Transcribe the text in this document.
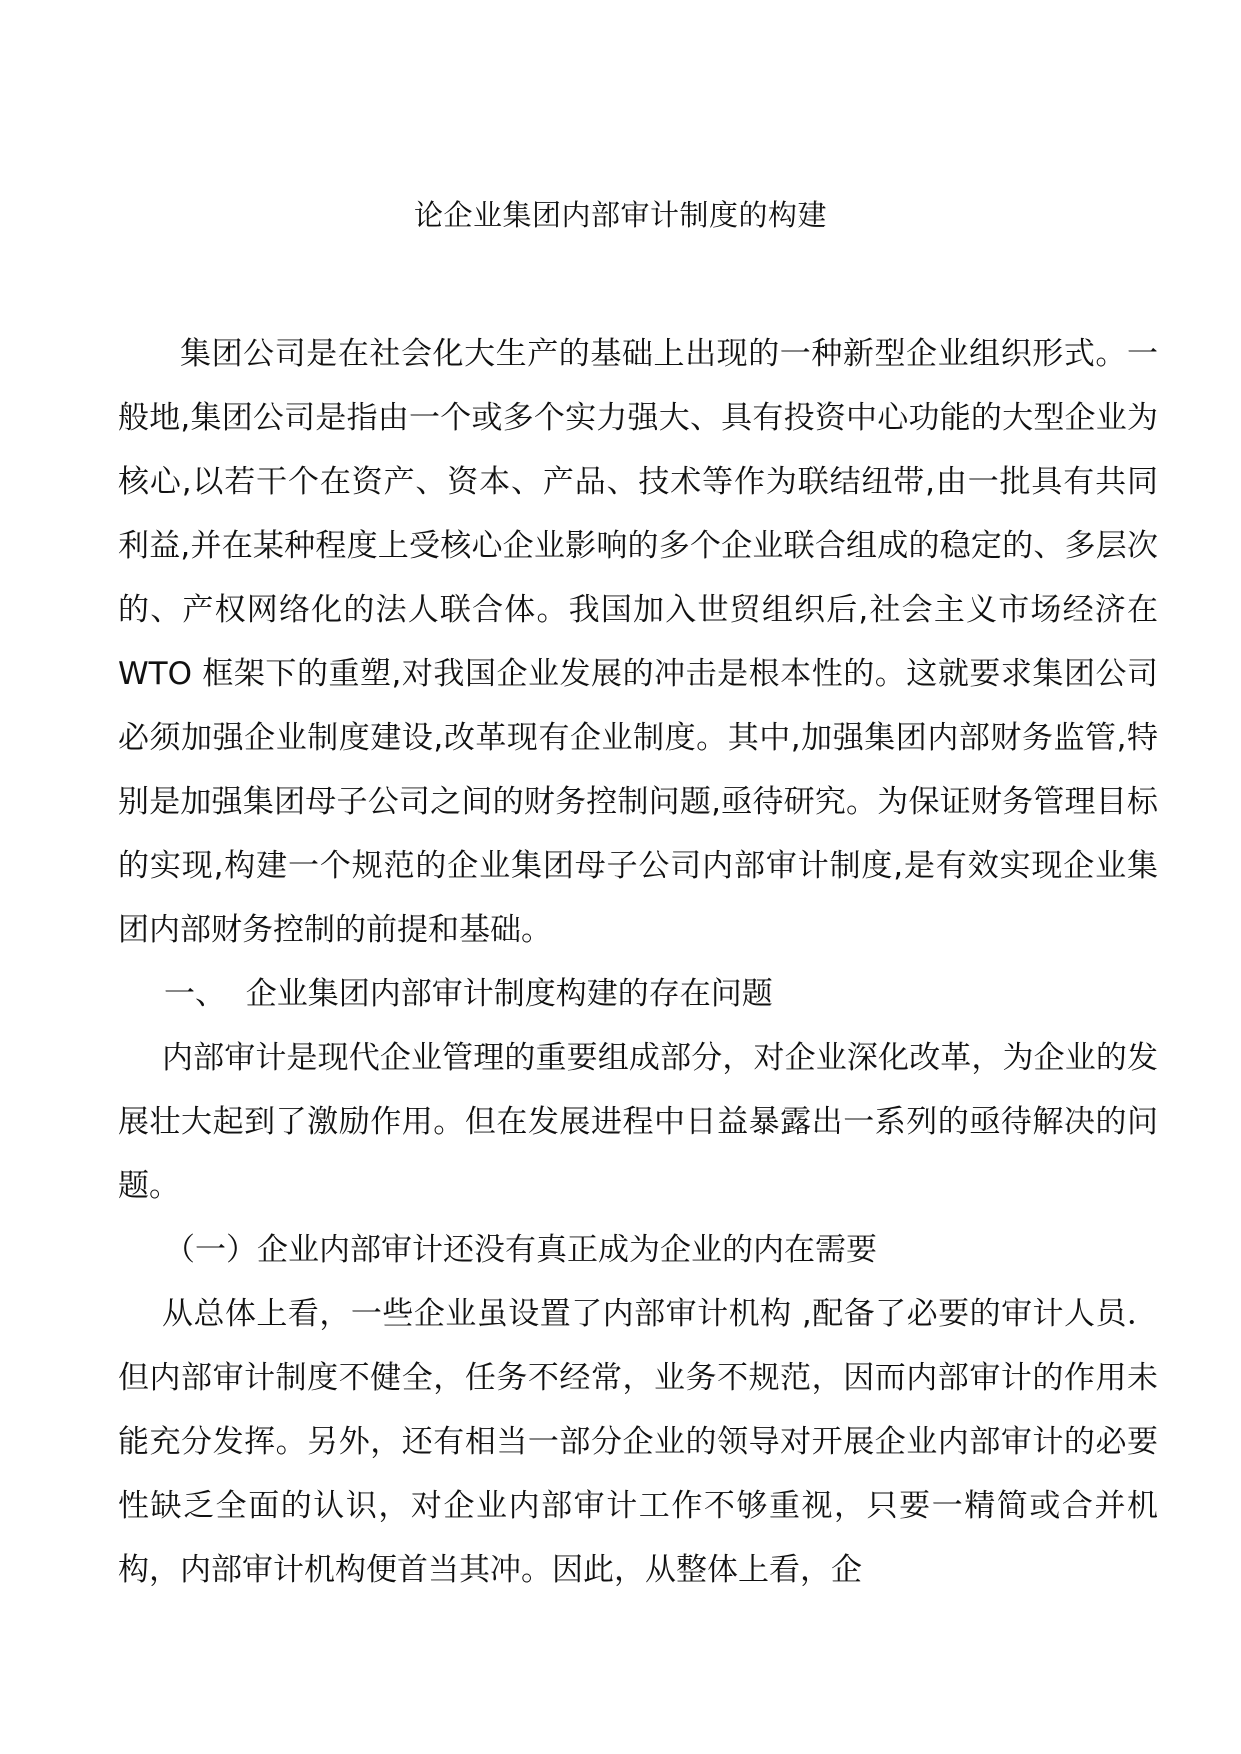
论企业集团内部审计制度的构建

集团公司是在社会化大生产的基础上出现的一种新型企业组织形式。一般地,集团公司是指由一个或多个实力强大、具有投资中心功能的大型企业为核心,以若干个在资产、资本、产品、技术等作为联结纽带,由一批具有共同利益,并在某种程度上受核心企业影响的多个企业联合组成的稳定的、多层次的、产权网络化的法人联合体。我国加入世贸组织后,社会主义市场经济在 WTO 框架下的重塑,对我国企业发展的冲击是根本性的。这就要求集团公司必须加强企业制度建设,改革现有企业制度。其中,加强集团内部财务监管,特别是加强集团母子公司之间的财务控制问题,亟待研究。为保证财务管理目标的实现,构建一个规范的企业集团母子公司内部审计制度,是有效实现企业集团内部财务控制的前提和基础。

一、  企业集团内部审计制度构建的存在问题

内部审计是现代企业管理的重要组成部分，对企业深化改革，为企业的发展壮大起到了激励作用。但在发展进程中日益暴露出一系列的亟待解决的问题。

（一）企业内部审计还没有真正成为企业的内在需要

从总体上看，一些企业虽设置了内部审计机构 ,配备了必要的审计人员．但内部审计制度不健全，任务不经常，业务不规范，因而内部审计的作用未能充分发挥。另外，还有相当一部分企业的领导对开展企业内部审计的必要性缺乏全面的认识，对企业内部审计工作不够重视，只要一精简或合并机构，内部审计机构便首当其冲。因此，从整体上看，企
